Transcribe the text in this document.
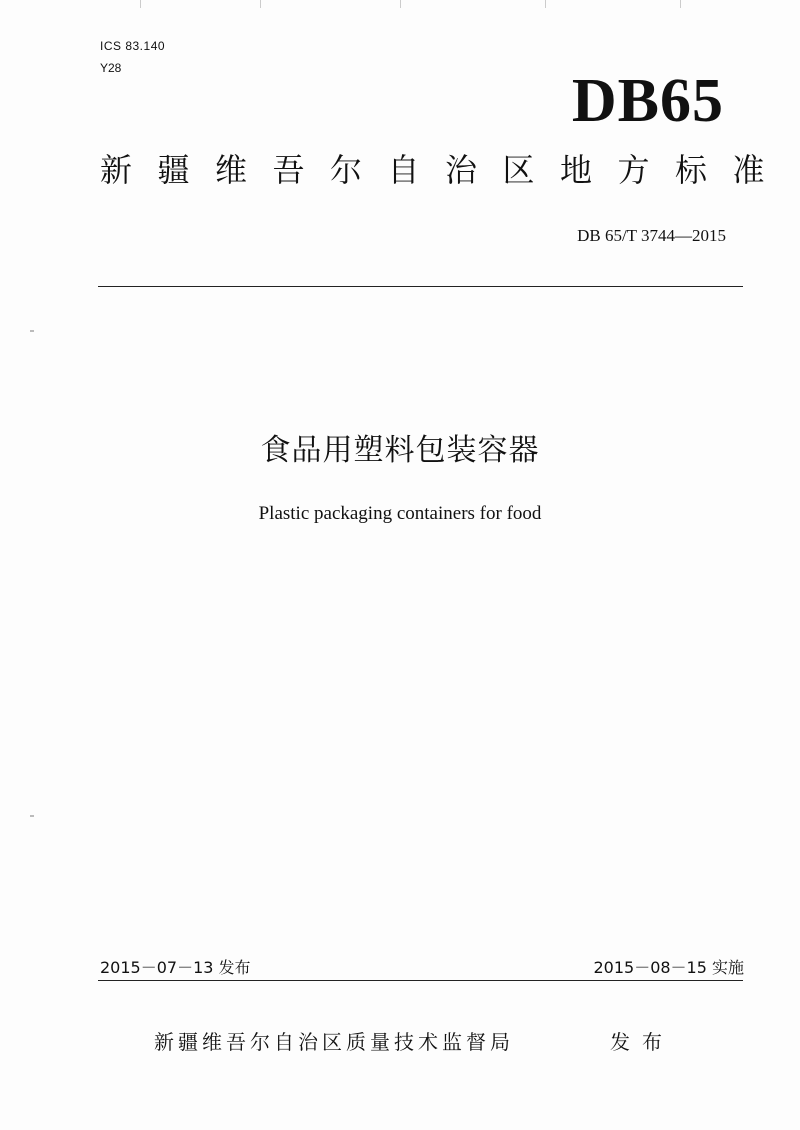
ICS 83.140
Y28	DB65
新疆维吾尔自治区地方标准
DB 65/T 3744—2015
食品用塑料包装容器
Plastic packaging containers for food
2015－07－13 发布	2015－08－15 实施
新疆维吾尔自治区质量技术监督局	发布
